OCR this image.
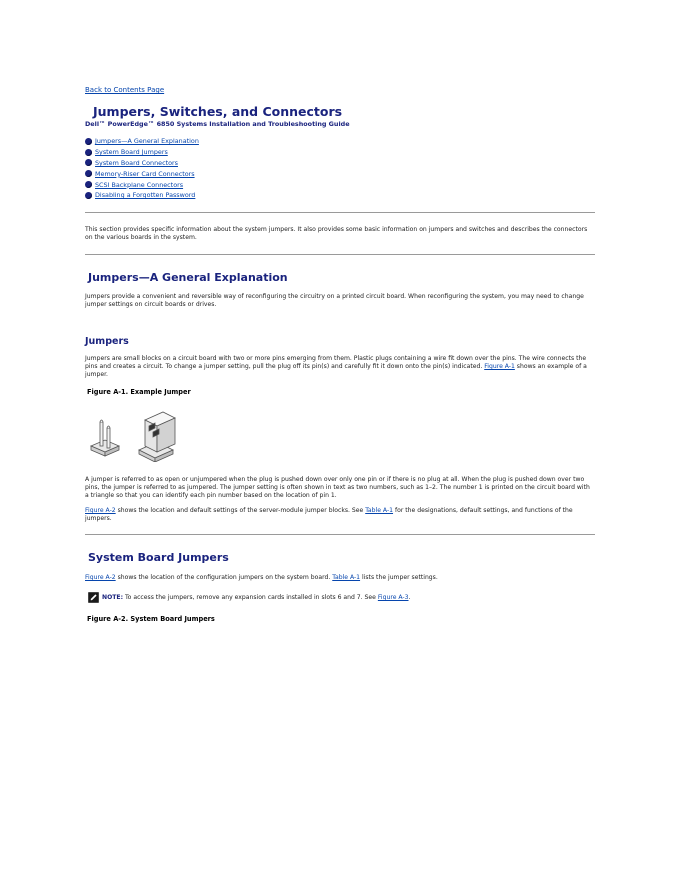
Back to Contents Page
Jumpers, Switches, and Connectors
Dell™ PowerEdge™ 6850 Systems Installation and Troubleshooting Guide
Jumpers—A General Explanation
System Board Jumpers
System Board Connectors
Memory-Riser Card Connectors
SCSI Backplane Connectors
Disabling a Forgotten Password

This section provides specific information about the system jumpers. It also provides some basic information on jumpers and switches and describes the connectors on the various boards in the system.

Jumpers—A General Explanation

Jumpers provide a convenient and reversible way of reconfiguring the circuitry on a printed circuit board. When reconfiguring the system, you may need to change jumper settings on circuit boards or drives.

Jumpers

Jumpers are small blocks on a circuit board with two or more pins emerging from them. Plastic plugs containing a wire fit down over the pins. The wire connects the pins and creates a circuit. To change a jumper setting, pull the plug off its pin(s) and carefully fit it down onto the pin(s) indicated. Figure A-1 shows an example of a jumper.

Figure A-1. Example Jumper

A jumper is referred to as open or unjumpered when the plug is pushed down over only one pin or if there is no plug at all. When the plug is pushed down over two pins, the jumper is referred to as jumpered. The jumper setting is often shown in text as two numbers, such as 1–2. The number 1 is printed on the circuit board with a triangle so that you can identify each pin number based on the location of pin 1.

Figure A-2 shows the location and default settings of the server-module jumper blocks. See Table A-1 for the designations, default settings, and functions of the jumpers.

System Board Jumpers

Figure A-2 shows the location of the configuration jumpers on the system board. Table A-1 lists the jumper settings.

NOTE: To access the jumpers, remove any expansion cards installed in slots 6 and 7. See Figure A-3.

Figure A-2. System Board Jumpers
